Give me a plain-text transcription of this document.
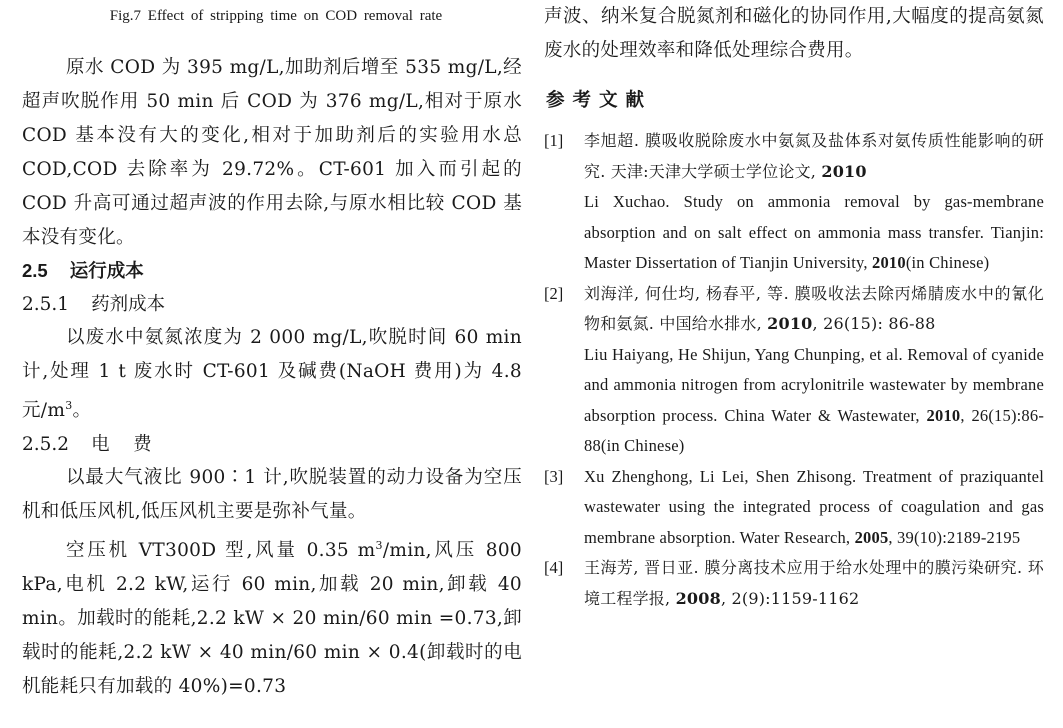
Fig.7 Effect of stripping time on COD removal rate

原水 COD 为 395 mg/L,加助剂后增至 535 mg/L,经超声吹脱作用 50 min 后 COD 为 376 mg/L,相对于原水 COD 基本没有大的变化,相对于加助剂后的实验用水总 COD,COD 去除率为 29.72%。CT-601 加入而引起的 COD 升高可通过超声波的作用去除,与原水相比较 COD 基本没有变化。

2.5 运行成本

2.5.1 药剂成本

以废水中氨氮浓度为 2 000 mg/L,吹脱时间 60 min 计,处理 1 t 废水时 CT-601 及碱费(NaOH 费用)为 4.8 元$/m^3$。

2.5.2 电    费

以最大气液比 900∶1 计,吹脱装置的动力设备为空压机和低压风机,低压风机主要是弥补气量。

空压机 VT300D 型,风量 0.35 $m^3/\min$,风压 800 kPa,电机 2.2 kW,运行 60 min,加载 20 min,卸载 40 min。加载时的能耗,2.2 kW × 20 min/60 min =0.73,卸载时的能耗,2.2 kW × 40 min/60 min × 0.4(卸载时的电机能耗只有加载的 40%)=0.73

声波、纳米复合脱氮剂和磁化的协同作用,大幅度的提高氨氮废水的处理效率和降低处理综合费用。

参考文献
[1] 李旭超. 膜吸收脱除废水中氨氮及盐体系对氨传质性能影响的研究. 天津:天津大学硕士学位论文, 2010
Li Xuchao. Study on ammonia removal by gas-membrane absorption and on salt effect on ammonia mass transfer. Tianjin: Master Dissertation of Tianjin University, 2010(in Chinese)
[2] 刘海洋, 何仕均, 杨春平, 等. 膜吸收法去除丙烯腈废水中的氰化物和氨氮. 中国给水排水, 2010, 26(15): 86-88
Liu Haiyang, He Shijun, Yang Chunping, et al. Removal of cyanide and ammonia nitrogen from acrylonitrile wastewater by membrane absorption process. China Water & Wastewater, 2010, 26(15):86-88(in Chinese)
[3] Xu Zhenghong, Li Lei, Shen Zhisong. Treatment of praziquantel wastewater using the integrated process of coagulation and gas membrane absorption. Water Research, 2005, 39(10):2189-2195
[4] 王海芳, 晋日亚. 膜分离技术应用于给水处理中的膜污染研究. 环境工程学报, 2008, 2(9):1159-1162
